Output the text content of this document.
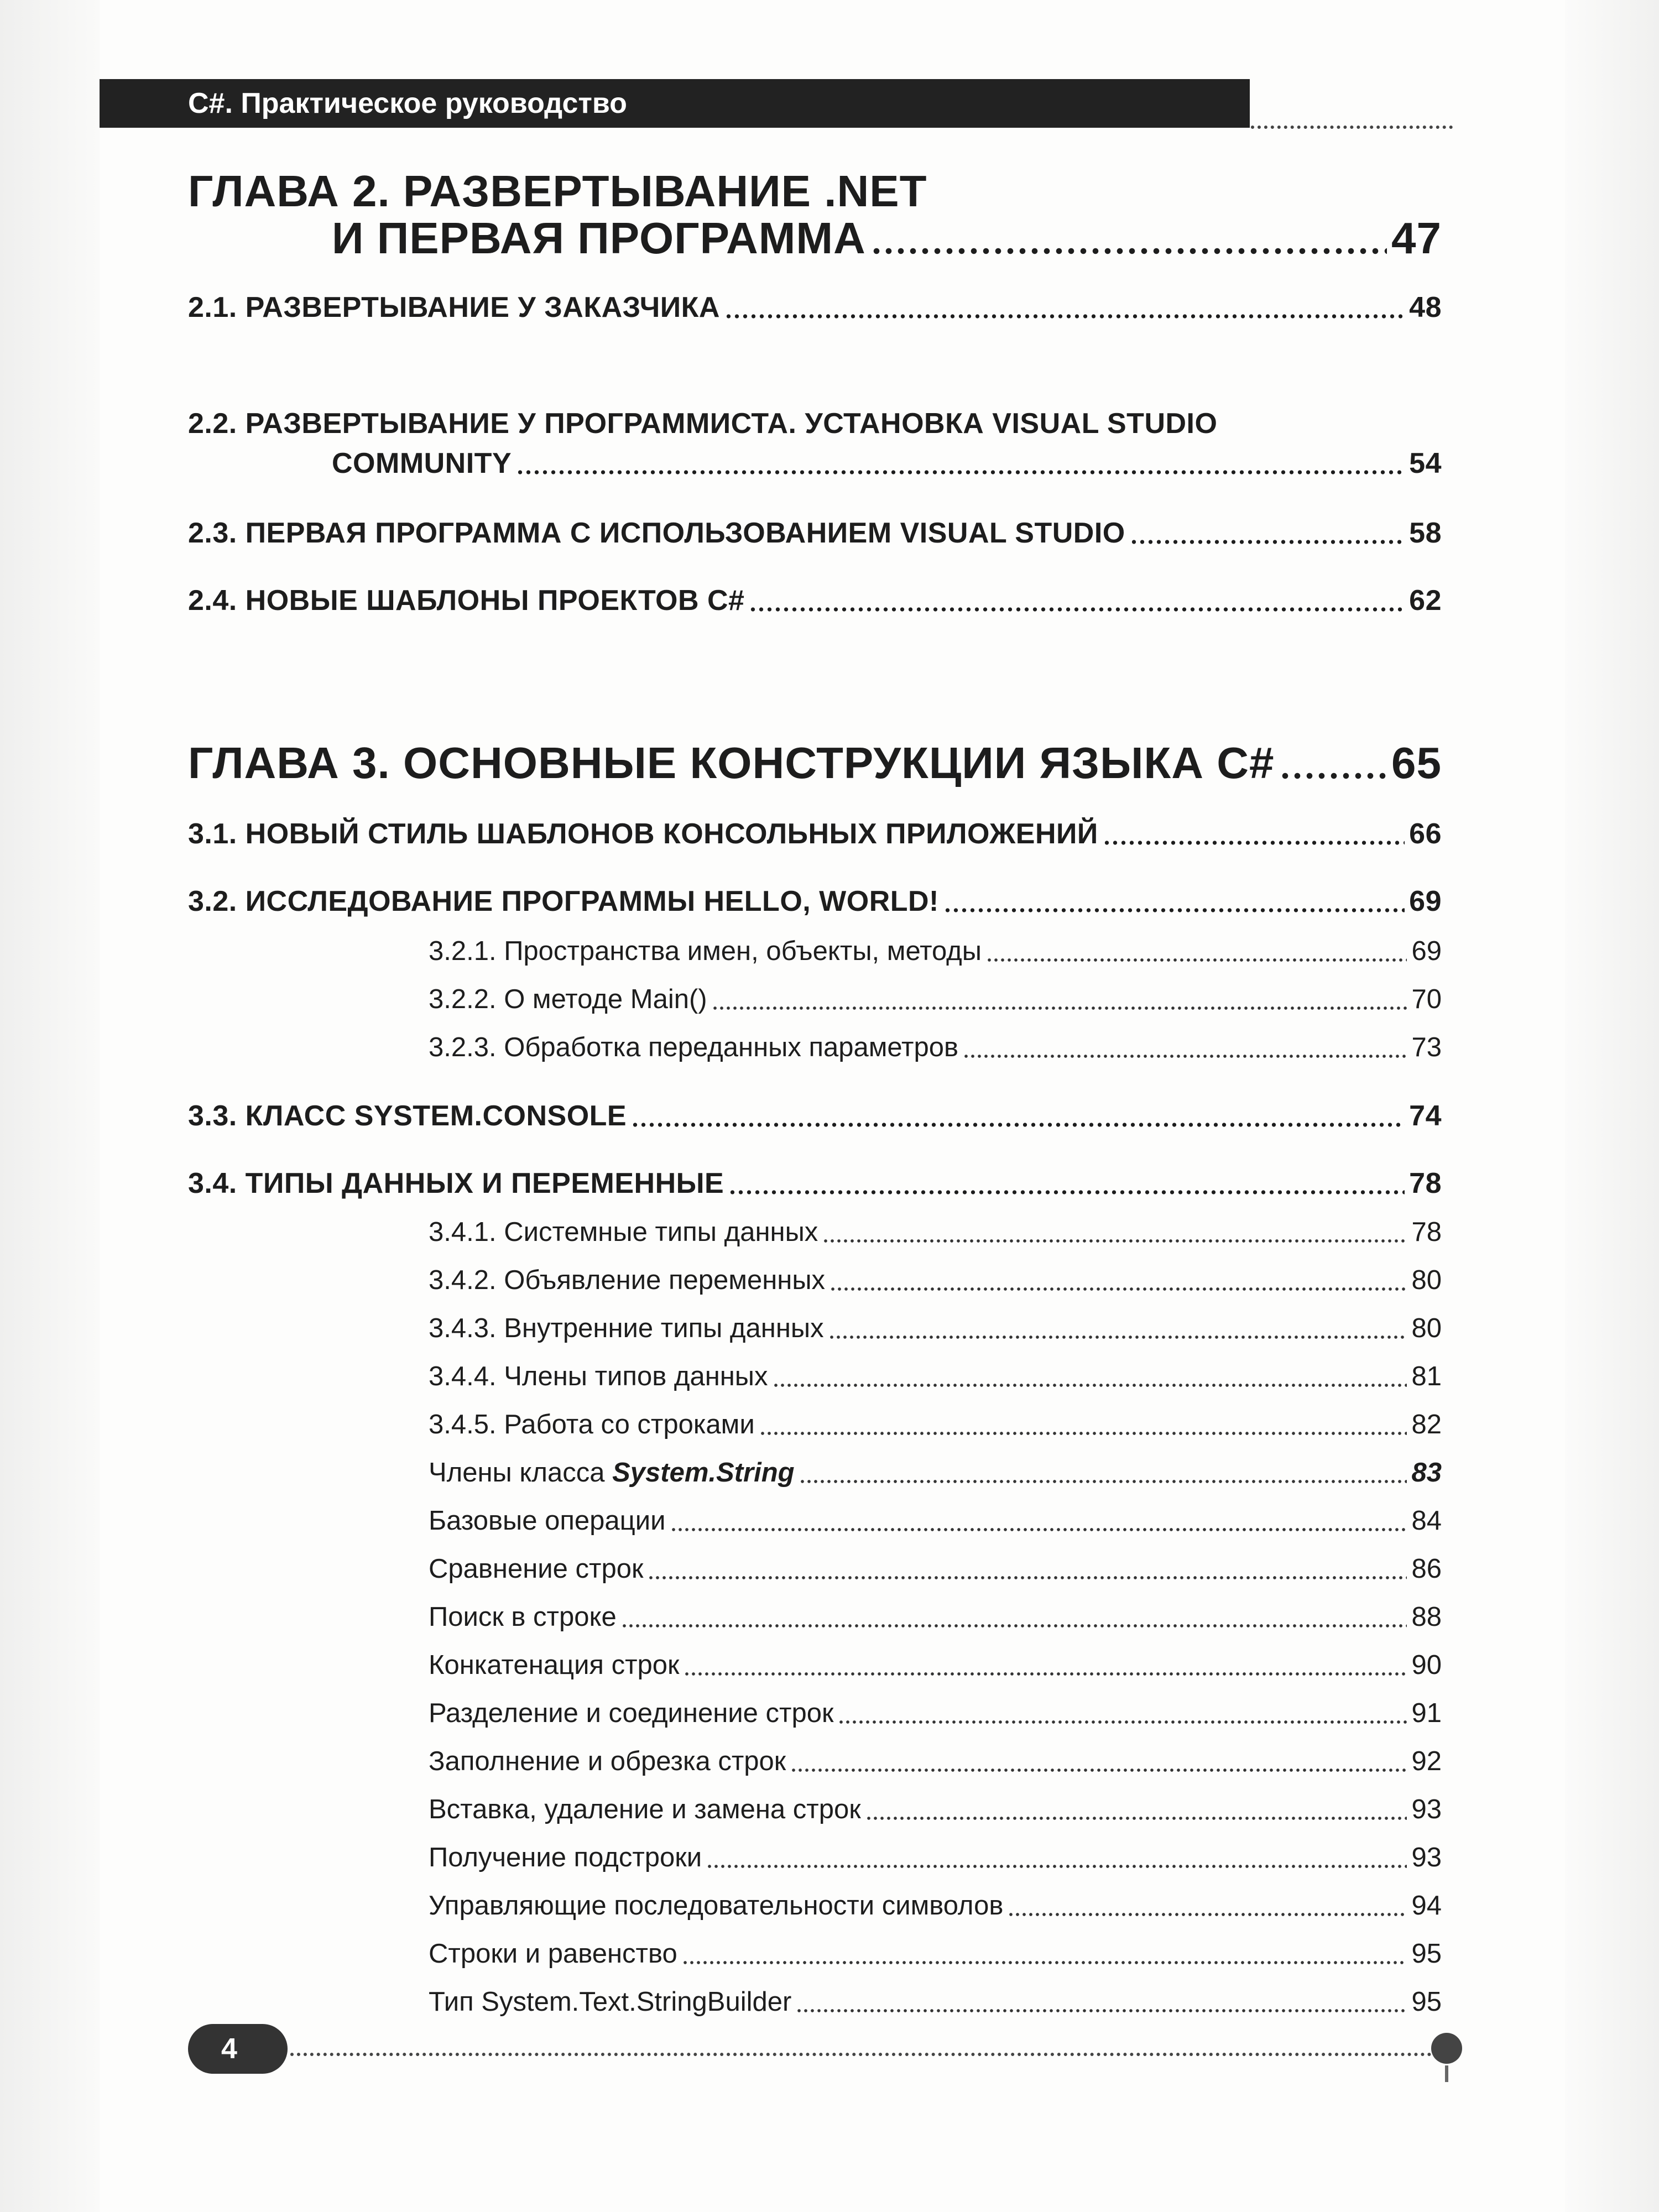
C#. Практическое руководство
ГЛАВА 2. РАЗВЕРТЫВАНИЕ .NET
И ПЕРВАЯ ПРОГРАММА	47
2.1. РАЗВЕРТЫВАНИЕ У ЗАКАЗЧИКА	48
2.2. РАЗВЕРТЫВАНИЕ У ПРОГРАММИСТА. УСТАНОВКА VISUAL STUDIO
COMMUNITY	54
2.3. ПЕРВАЯ ПРОГРАММА С ИСПОЛЬЗОВАНИЕМ VISUAL STUDIO	58
2.4. НОВЫЕ ШАБЛОНЫ ПРОЕКТОВ C#	62
ГЛАВА 3. ОСНОВНЫЕ КОНСТРУКЦИИ ЯЗЫКА C#	65
3.1. НОВЫЙ СТИЛЬ ШАБЛОНОВ КОНСОЛЬНЫХ ПРИЛОЖЕНИЙ	66
3.2. ИССЛЕДОВАНИЕ ПРОГРАММЫ HELLO, WORLD!	69
3.2.1. Пространства имен, объекты, методы	69
3.2.2. О методе Main()	70
3.2.3. Обработка переданных параметров	73
3.3. КЛАСС SYSTEM.CONSOLE	74
3.4. ТИПЫ ДАННЫХ И ПЕРЕМЕННЫЕ	78
3.4.1. Системные типы данных	78
3.4.2. Объявление переменных	80
3.4.3. Внутренние типы данных	80
3.4.4. Члены типов данных	81
3.4.5. Работа со строками	82
Члены класса System.String	83
Базовые операции	84
Сравнение строк	86
Поиск в строке	88
Конкатенация строк	90
Разделение и соединение строк	91
Заполнение и обрезка строк	92
Вставка, удаление и замена строк	93
Получение подстроки	93
Управляющие последовательности символов	94
Строки и равенство	95
Тип System.Text.StringBuilder	95
4
